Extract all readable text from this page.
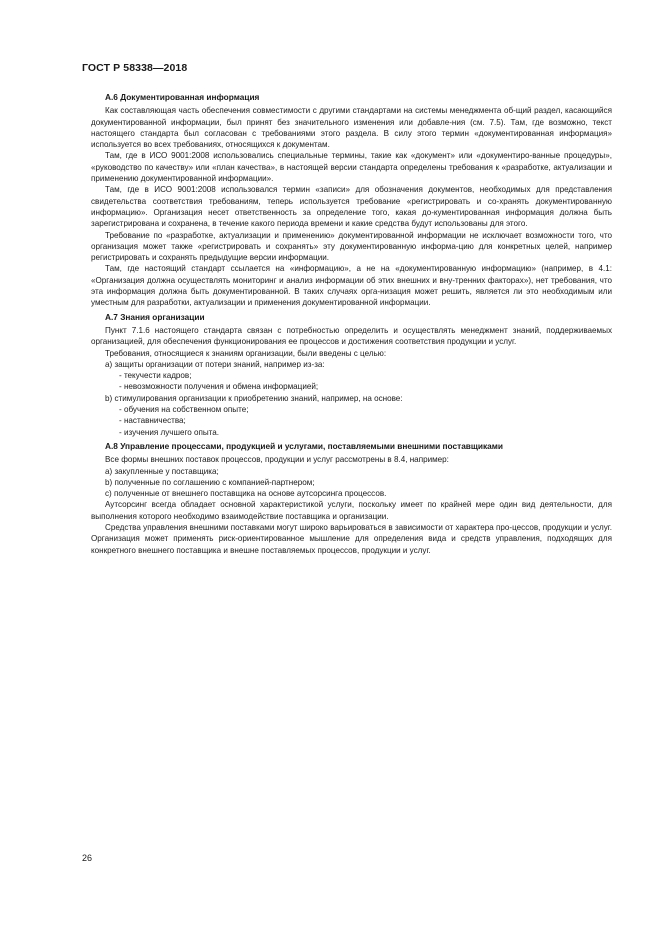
ГОСТ Р 58338—2018
А.6 Документированная информация

Как составляющая часть обеспечения совместимости с другими стандартами на системы менеджмента об-щий раздел, касающийся документированной информации, был принят без значительного изменения или добавле-ния (см. 7.5). Там, где возможно, текст настоящего стандарта был согласован с требованиями этого раздела. В силу этого термин «документированная информация» используется во всех требованиях, относящихся к документам.

Там, где в ИСО 9001:2008 использовались специальные термины, такие как «документ» или «документиро-ванные процедуры», «руководство по качеству» или «план качества», в настоящей версии стандарта определены требования к «разработке, актуализации и применению документированной информации».

Там, где в ИСО 9001:2008 использовался термин «записи» для обозначения документов, необходимых для представления свидетельства соответствия требованиям, теперь используется требование «регистрировать и со-хранять документированную информацию». Организация несет ответственность за определение того, какая до-кументированная информация должна быть зарегистрирована и сохранена, в течение какого периода времени и какие средства будут использованы для этого.

Требование по «разработке, актуализации и применению» документированной информации не исключает возможности того, что организация может также «регистрировать и сохранять» эту документированную информа-цию для конкретных целей, например регистрировать и сохранять предыдущие версии информации.

Там, где настоящий стандарт ссылается на «информацию», а не на «документированную информацию» (например, в 4.1: «Организация должна осуществлять мониторинг и анализ информации об этих внешних и вну-тренних факторах»), нет требования, что эта информация должна быть документированной. В таких случаях орга-низация может решить, является ли это необходимым или уместным для разработки, актуализации и применения документированной информации.

А.7 Знания организации

Пункт 7.1.6 настоящего стандарта связан с потребностью определить и осуществлять менеджмент знаний, поддерживаемых организацией, для обеспечения функционирования ее процессов и достижения соответствия продукции и услуг.

Требования, относящиеся к знаниям организации, были введены с целью:

а) защиты организации от потери знаний, например из-за:

- текучести кадров;

- невозможности получения и обмена информацией;

b) стимулирования организации к приобретению знаний, например, на основе:

- обучения на собственном опыте;

- наставничества;

- изучения лучшего опыта.

А.8 Управление процессами, продукцией и услугами, поставляемыми внешними поставщиками

Все формы внешних поставок процессов, продукции и услуг рассмотрены в 8.4, например:

a) закупленные у поставщика;

b) полученные по соглашению с компанией-партнером;

c) полученные от внешнего поставщика на основе аутсорсинга процессов.

Аутсорсинг всегда обладает основной характеристикой услуги, поскольку имеет по крайней мере один вид деятельности, для выполнения которого необходимо взаимодействие поставщика и организации.

Средства управления внешними поставками могут широко варьироваться в зависимости от характера про-цессов, продукции и услуг. Организация может применять риск-ориентированное мышление для определения вида и средств управления, подходящих для конкретного внешнего поставщика и внешне поставляемых процессов, продукции и услуг.

26
